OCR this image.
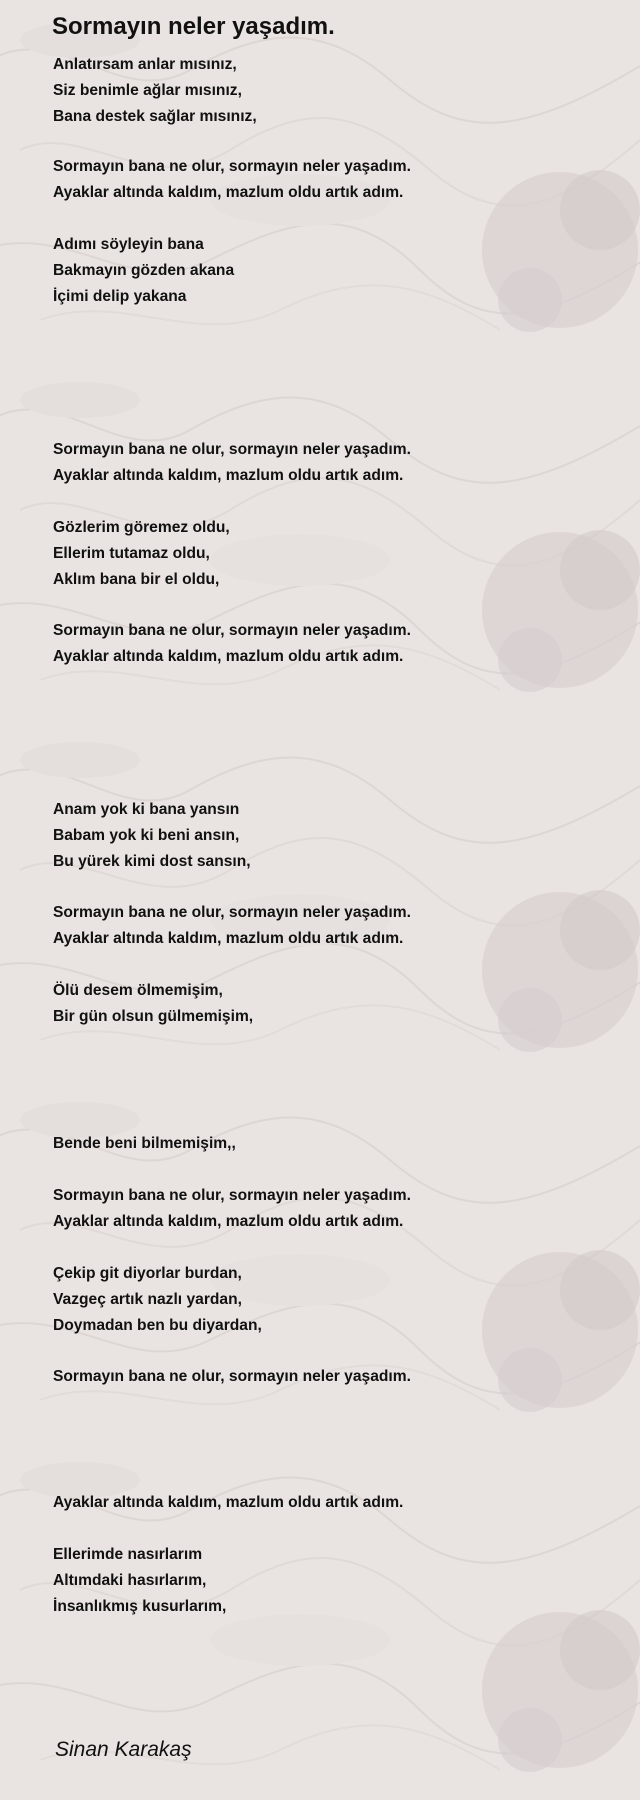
Sormayın neler yaşadım.
Anlatırsam anlar mısınız,
Siz benimle ağlar mısınız,
Bana destek sağlar mısınız,
Sormayın bana ne olur, sormayın neler yaşadım.
Ayaklar altında kaldım, mazlum oldu artık adım.
Adımı söyleyin bana
Bakmayın gözden akana
İçimi delip yakana
Sormayın bana ne olur, sormayın neler yaşadım.
Ayaklar altında kaldım, mazlum oldu artık adım.
Gözlerim göremez oldu,
Ellerim tutamaz oldu,
Aklım bana bir el oldu,
Sormayın bana ne olur, sormayın neler yaşadım.
Ayaklar altında kaldım, mazlum oldu artık adım.
Anam yok ki bana yansın
Babam yok ki beni ansın,
Bu yürek kimi dost sansın,
Sormayın bana ne olur, sormayın neler yaşadım.
Ayaklar altında kaldım, mazlum oldu artık adım.
Ölü desem ölmemişim,
Bir gün olsun gülmemişim,
Bende beni bilmemişim,,
Sormayın bana ne olur, sormayın neler yaşadım.
Ayaklar altında kaldım, mazlum oldu artık adım.
Çekip git diyorlar burdan,
Vazgeç artık nazlı yardan,
Doymadan ben bu diyardan,
Sormayın bana ne olur, sormayın neler yaşadım.
Ayaklar altında kaldım, mazlum oldu artık adım.
Ellerimde nasırlarım
Altımdaki hasırlarım,
İnsanlıkmış kusurlarım,
Sinan Karakaş
